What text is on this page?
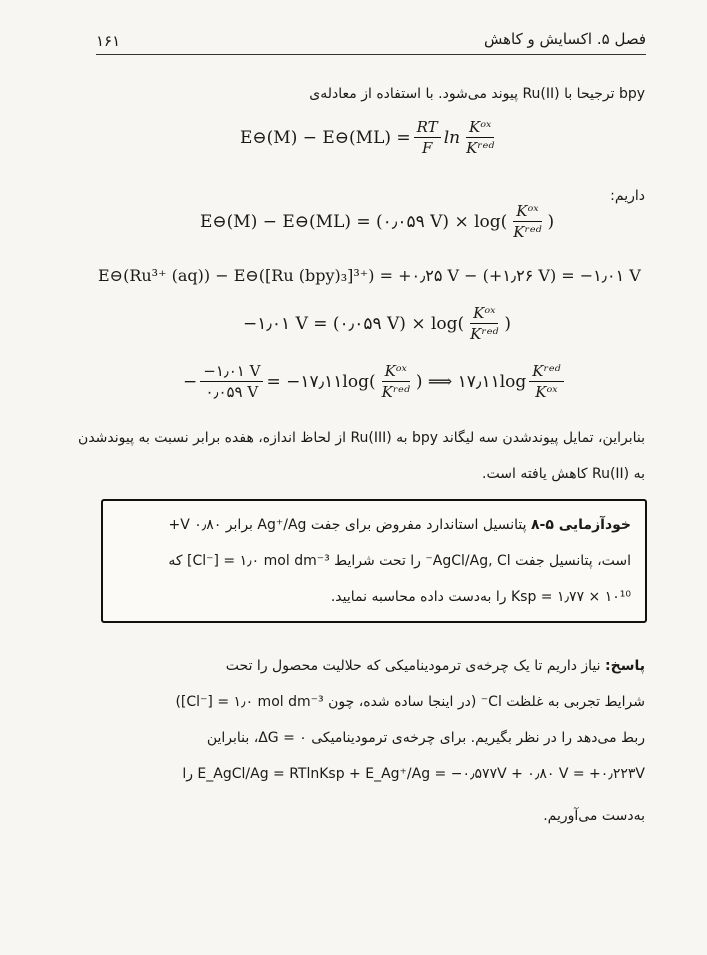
۱۶۱	فصل ۵. اکسایش و کاهش
bpy ترجیحا با (Ru(II پیوند می‌شود. با استفاده از معادله‌ی
E⊖(M) − E⊖(ML) = $\frac{RT}{F}$ $\ln \frac{\text{Kᵒˣ}}{\text{Kʳᵉᵈ}}$
داریم:
E⊖(M) − E⊖(ML) = (۰٫۰۵۹ $V) \times \log( \frac{\text{Kᵒˣ}}{\text{Kʳᵉᵈ}}$ )
E⊖(Ru³⁺ (aq)) − E⊖([Ru (bpy)₃]³⁺) = +۰٫۲۵ V − (+۱٫۲۶ V) = −۱٫۰۱ V
−۱٫۰۱ V = (۰٫۰۵۹ $V) \times \log( \frac{\text{Kᵒˣ}}{\text{Kʳᵉᵈ}}$ )
− $\frac{-۱٫۰۱ V}{۰٫۰۵۹ V}$ = −۱۷٫۱۱log( $\frac{\text{Kᵒˣ}}{\text{Kʳᵉᵈ}}$ ) ⟹ ۱۷٫۱۱log $\frac{\text{Kʳᵉᵈ}}{\text{Kᵒˣ}}$
بنابراین، تمایل پیوندشدن سه لیگاند bpy به (Ru(III از لحاظ اندازه، هفده برابر نسبت به پیوندشدن
به (Ru(II کاهش یافته است.
خودآزمایی ۵-۸ پتانسیل استاندارد مفروض برای جفت Ag⁺/Ag برابر V ۰٫۸۰+
است، پتانسیل جفت AgCl/Ag, Cl⁻ را تحت شرایط Cl⁻] = ۱٫۰ mol dm⁻³] که
Ksp = ۱٫۷۷ × ۱۰¹⁰ را به‌دست داده محاسبه نمایید.
پاسخ: نیاز داریم تا یک چرخه‌ی ترمودینامیکی که حلالیت محصول را تحت
شرایط تجربی به غلظت Cl⁻ (در اینجا ساده شده، چون Cl⁻] = ۱٫۰ mol dm⁻³])
ربط می‌دهد را در نظر بگیریم. برای چرخه‌ی ترمودینامیکی ΔG = ۰، بنابراین
E_AgCl/Ag = RTlnKsp + E_Ag⁺/Ag = −۰٫۵۷۷V + ۰٫۸۰ V = +۰٫۲۲۳V را
به‌دست می‌آوریم.
